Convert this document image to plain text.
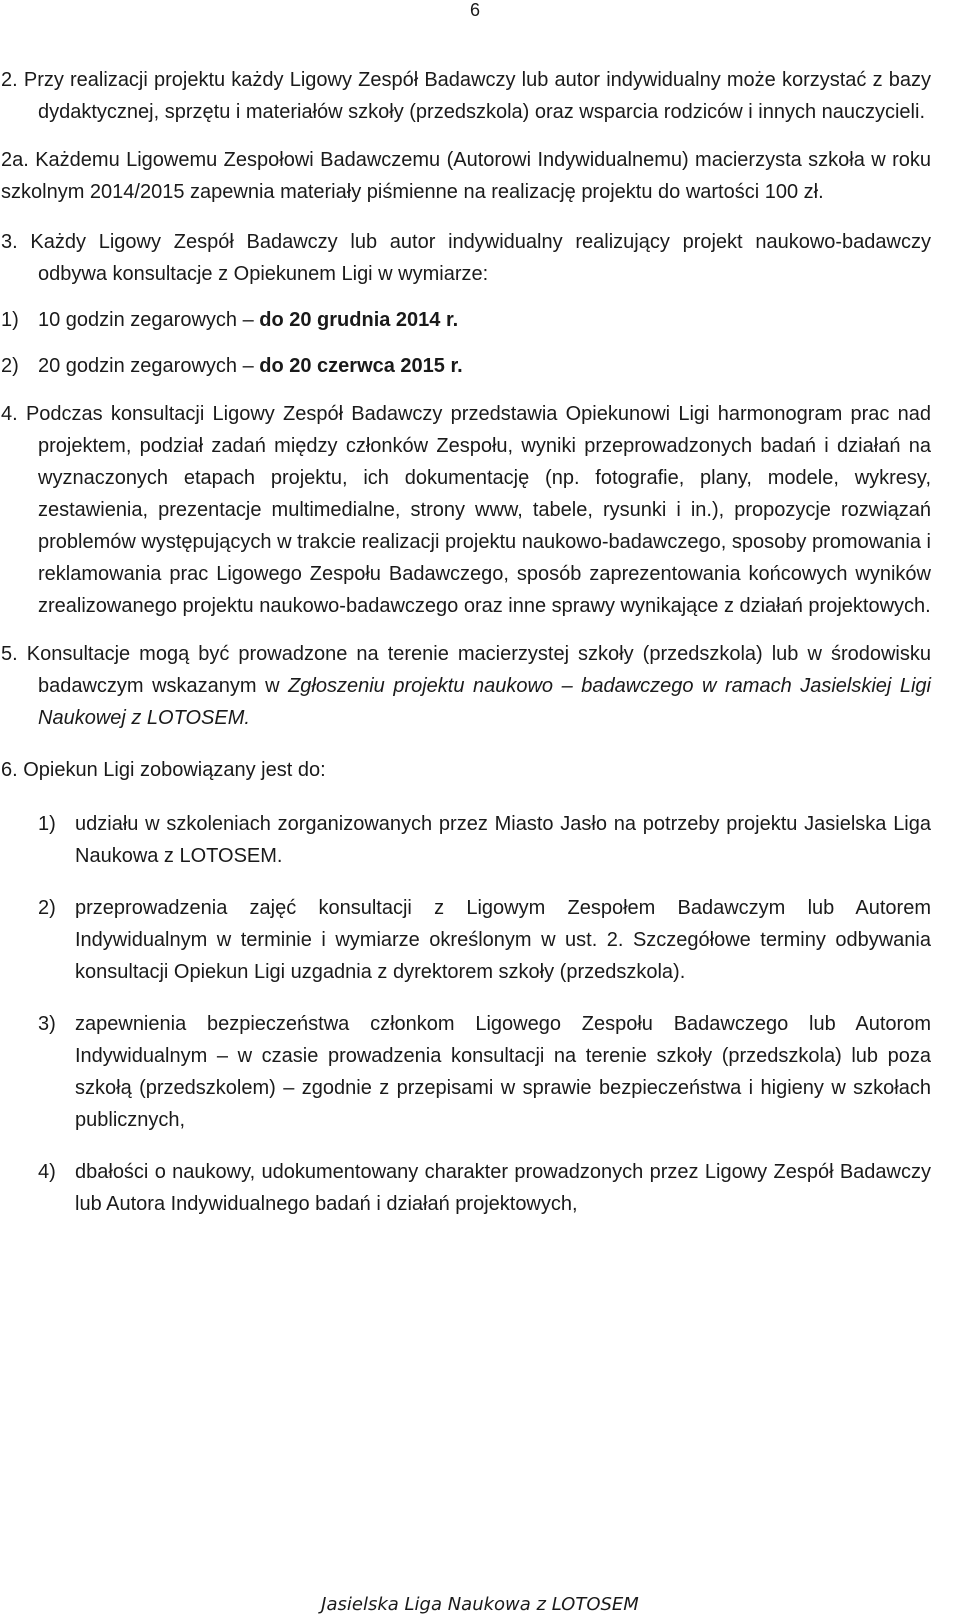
6

2. Przy realizacji projektu każdy Ligowy Zespół Badawczy lub autor indywidualny może korzystać z bazy dydaktycznej, sprzętu i materiałów szkoły (przedszkola) oraz wsparcia rodziców i innych nauczycieli.

2a. Każdemu Ligowemu Zespołowi Badawczemu (Autorowi Indywidualnemu) macierzysta szkoła w roku szkolnym 2014/2015 zapewnia materiały piśmienne na realizację projektu do wartości 100 zł.

3. Każdy Ligowy Zespół Badawczy lub autor indywidualny realizujący projekt naukowo-badawczy odbywa konsultacje z Opiekunem Ligi w wymiarze:

1) 10 godzin zegarowych – do 20 grudnia 2014 r.
2) 20 godzin zegarowych – do 20 czerwca 2015 r.

4. Podczas konsultacji Ligowy Zespół Badawczy przedstawia Opiekunowi Ligi harmonogram prac nad projektem, podział zadań między członków Zespołu, wyniki przeprowadzonych badań i działań na wyznaczonych etapach projektu, ich dokumentację (np. fotografie, plany, modele, wykresy, zestawienia, prezentacje multimedialne, strony www, tabele, rysunki i in.), propozycje rozwiązań problemów występujących w trakcie realizacji projektu naukowo-badawczego, sposoby promowania i reklamowania prac Ligowego Zespołu Badawczego, sposób zaprezentowania końcowych wyników zrealizowanego projektu naukowo-badawczego oraz inne sprawy wynikające z działań projektowych.

5. Konsultacje mogą być prowadzone na terenie macierzystej szkoły (przedszkola) lub w środowisku badawczym wskazanym w Zgłoszeniu projektu naukowo – badawczego w ramach Jasielskiej Ligi Naukowej z LOTOSEM.

6. Opiekun Ligi zobowiązany jest do:

1) udziału w szkoleniach zorganizowanych przez Miasto Jasło na potrzeby projektu Jasielska Liga Naukowa z LOTOSEM.
2) przeprowadzenia zajęć konsultacji z Ligowym Zespołem Badawczym lub Autorem Indywidualnym w terminie i wymiarze określonym w ust. 2. Szczegółowe terminy odbywania konsultacji Opiekun Ligi uzgadnia z dyrektorem szkoły (przedszkola).
3) zapewnienia bezpieczeństwa członkom Ligowego Zespołu Badawczego lub Autorom Indywidualnym – w czasie prowadzenia konsultacji na terenie szkoły (przedszkola) lub poza szkołą (przedszkolem) – zgodnie z przepisami w sprawie bezpieczeństwa i higieny w szkołach publicznych,
4) dbałości o naukowy, udokumentowany charakter prowadzonych przez Ligowy Zespół Badawczy lub Autora Indywidualnego badań i działań projektowych,
Jasielska Liga Naukowa z LOTOSEM
